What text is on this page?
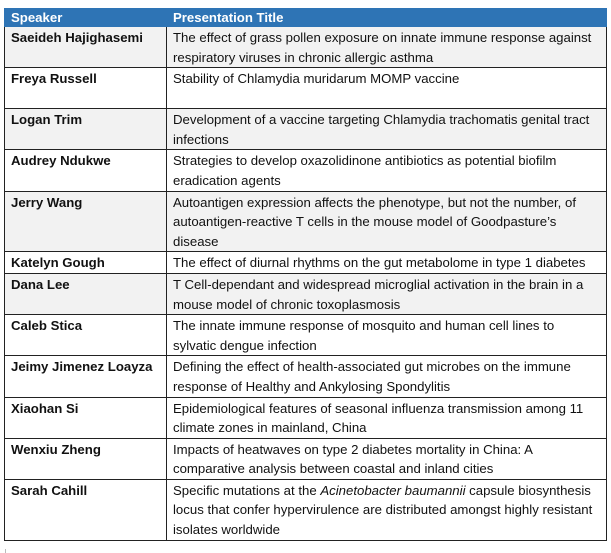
Speaker	Presentation Title
Saeideh Hajighasemi	The effect of grass pollen exposure on innate immune response against respiratory viruses in chronic allergic asthma
Freya Russell	Stability of Chlamydia muridarum MOMP vaccine
Logan Trim	Development of a vaccine targeting Chlamydia trachomatis genital tract infections
Audrey Ndukwe	Strategies to develop oxazolidinone antibiotics as potential biofilm eradication agents
Jerry Wang	Autoantigen expression affects the phenotype, but not the number, of autoantigen-reactive T cells in the mouse model of Goodpasture’s disease
Katelyn Gough	The effect of diurnal rhythms on the gut metabolome in type 1 diabetes
Dana Lee	T Cell-dependant and widespread microglial activation in the brain in a mouse model of chronic toxoplasmosis
Caleb Stica	The innate immune response of mosquito and human cell lines to sylvatic dengue infection
Jeimy Jimenez Loayza	Defining the effect of health-associated gut microbes on the immune response of Healthy and Ankylosing Spondylitis
Xiaohan Si	Epidemiological features of seasonal influenza transmission among 11 climate zones in mainland, China
Wenxiu Zheng	Impacts of heatwaves on type 2 diabetes mortality in China: A comparative analysis between coastal and inland cities
Sarah Cahill	Specific mutations at the Acinetobacter baumannii capsule biosynthesis locus that confer hypervirulence are distributed amongst highly resistant isolates worldwide
